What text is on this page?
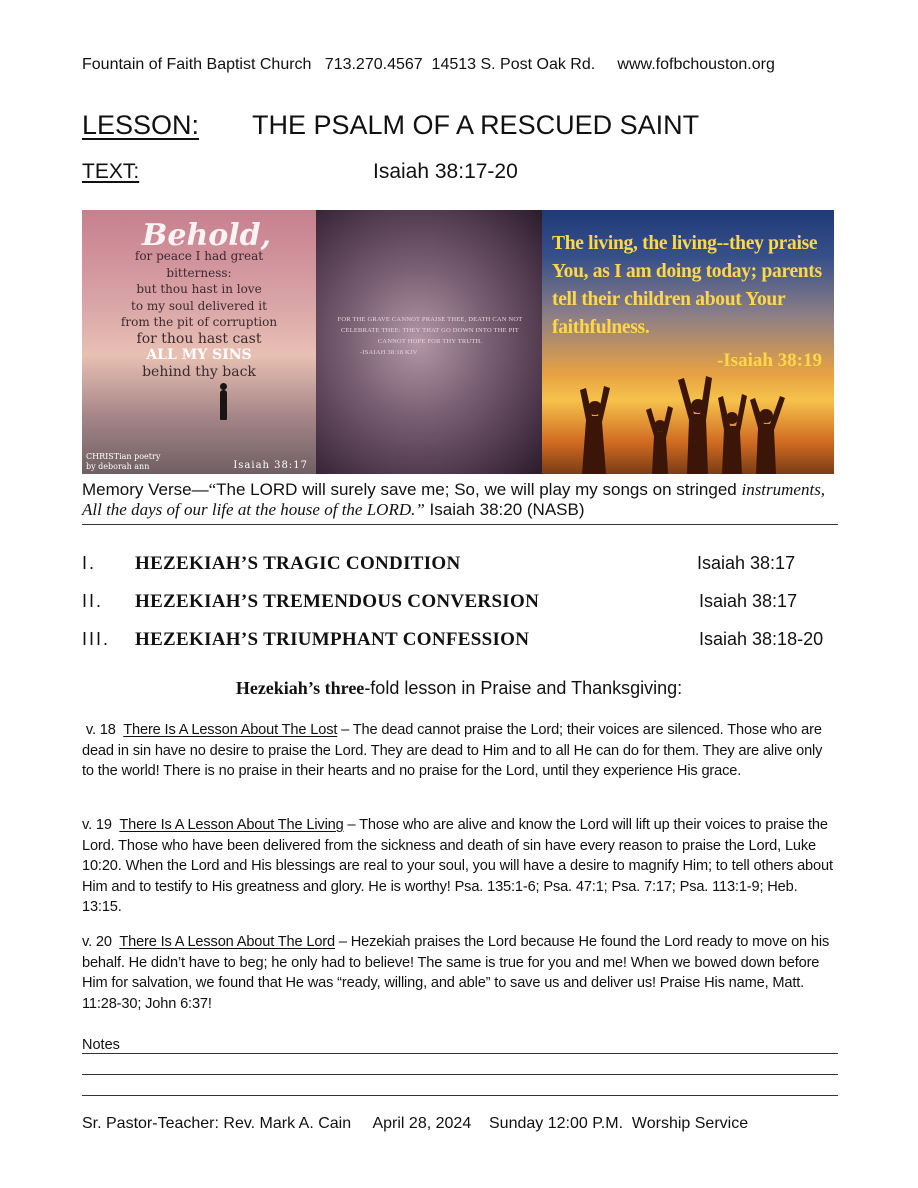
Fountain of Faith Baptist Church   713.270.4567  14513 S. Post Oak Rd.     www.fofbchouston.org
LESSON: THE PSALM OF A RESCUED SAINT
TEXT:	Isaiah 38:17-20
Behold,
for peace I had great
bitterness:
but thou hast in love
to my soul delivered it
from the pit of corruption
for thou hast cast
ALL MY SINS
behind thy back
CHRISTian poetry
by deborah ann	Isaiah 38:17
FOR THE GRAVE CANNOT PRAISE THEE, DEATH CAN NOT CELEBRATE THEE: THEY THAT GO DOWN INTO THE PIT CANNOT HOPE FOR THY TRUTH.
-ISAIAH 38:18 KJV
The living, the living--they praise You, as I am doing today; parents tell their children about Your faithfulness.
-Isaiah 38:19
Memory Verse—“The LORD will surely save me; So, we will play my songs on stringed instruments, All the days of our life at the house of the LORD.” Isaiah 38:20 (NASB)
I. HEZEKIAH’S TRAGIC CONDITION	Isaiah 38:17
II. HEZEKIAH’S TREMENDOUS CONVERSION	Isaiah 38:17
III. HEZEKIAH’S TRIUMPHANT CONFESSION	Isaiah 38:18-20
Hezekiah’s three-fold lesson in Praise and Thanksgiving:
v. 18 There Is A Lesson About The Lost – The dead cannot praise the Lord; their voices are silenced. Those who are dead in sin have no desire to praise the Lord. They are dead to Him and to all He can do for them. They are alive only to the world! There is no praise in their hearts and no praise for the Lord, until they experience His grace.
v. 19 There Is A Lesson About The Living – Those who are alive and know the Lord will lift up their voices to praise the Lord. Those who have been delivered from the sickness and death of sin have every reason to praise the Lord, Luke 10:20. When the Lord and His blessings are real to your soul, you will have a desire to magnify Him; to tell others about Him and to testify to His greatness and glory. He is worthy! Psa. 135:1-6; Psa. 47:1; Psa. 7:17; Psa. 113:1-9; Heb. 13:15.
v. 20 There Is A Lesson About The Lord – Hezekiah praises the Lord because He found the Lord ready to move on his behalf. He didn’t have to beg; he only had to believe! The same is true for you and me! When we bowed down before Him for salvation, we found that He was “ready, willing, and able” to save us and deliver us! Praise His name, Matt. 11:28-30; John 6:37!
Notes
Sr. Pastor-Teacher: Rev. Mark A. Cain     April 28, 2024    Sunday 12:00 P.M.  Worship Service
